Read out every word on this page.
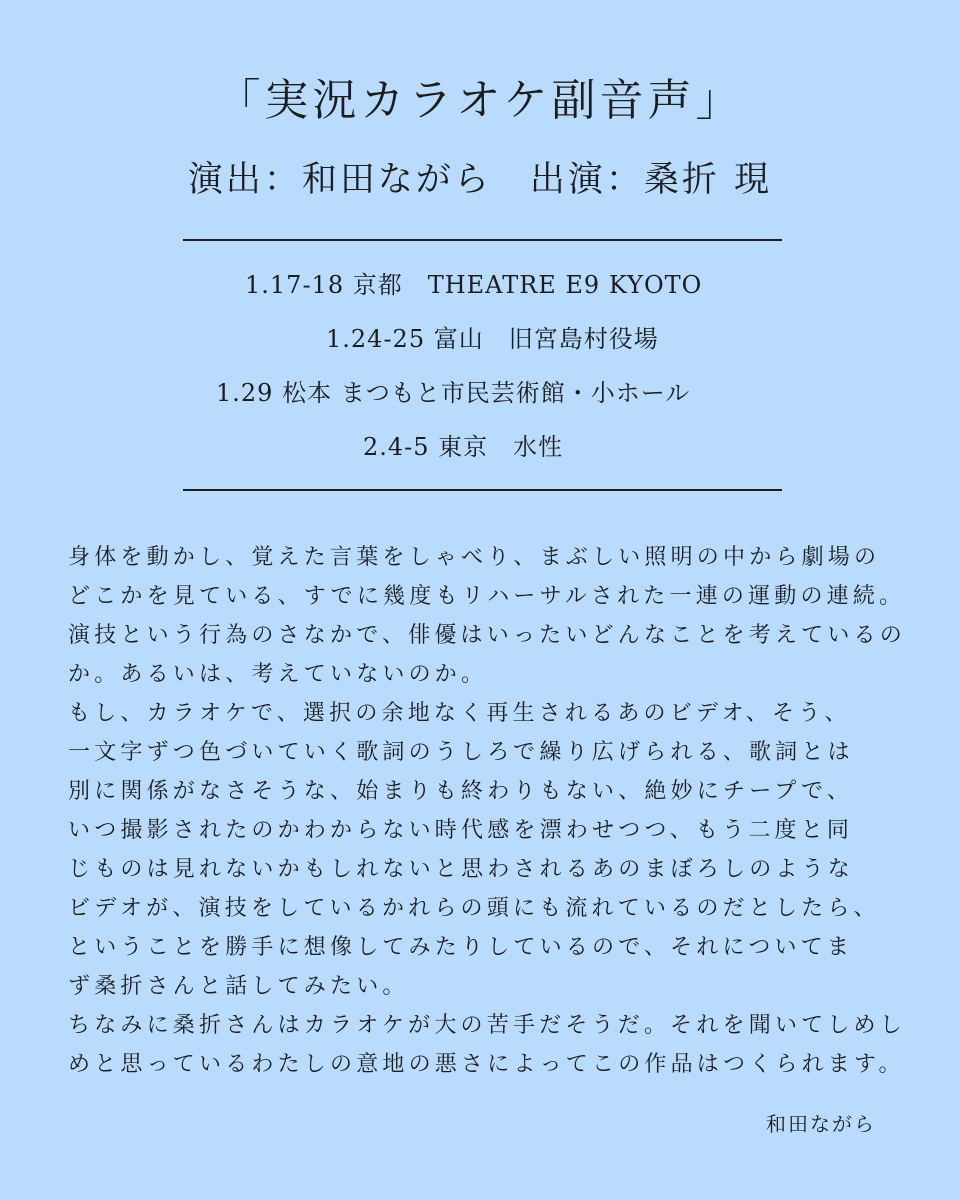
「実況カラオケ副音声」
演出：和田ながら　出演：桑折 現
1.17-18 京都　THEATRE E9 KYOTO
1.24-25 富山　旧宮島村役場
1.29 松本 まつもと市民芸術館・小ホール
2.4-5 東京　水性
身体を動かし、覚えた言葉をしゃべり、まぶしい照明の中から劇場の
どこかを見ている、すでに幾度もリハーサルされた一連の運動の連続。
演技という行為のさなかで、俳優はいったいどんなことを考えているの
か。あるいは、考えていないのか。
もし、カラオケで、選択の余地なく再生されるあのビデオ、そう、
一文字ずつ色づいていく歌詞のうしろで繰り広げられる、歌詞とは
別に関係がなさそうな、始まりも終わりもない、絶妙にチープで、
いつ撮影されたのかわからない時代感を漂わせつつ、もう二度と同
じものは見れないかもしれないと思わされるあのまぼろしのような
ビデオが、演技をしているかれらの頭にも流れているのだとしたら、
ということを勝手に想像してみたりしているので、それについてま
ず桑折さんと話してみたい。
ちなみに桑折さんはカラオケが大の苦手だそうだ。それを聞いてしめし
めと思っているわたしの意地の悪さによってこの作品はつくられます。
和田ながら
